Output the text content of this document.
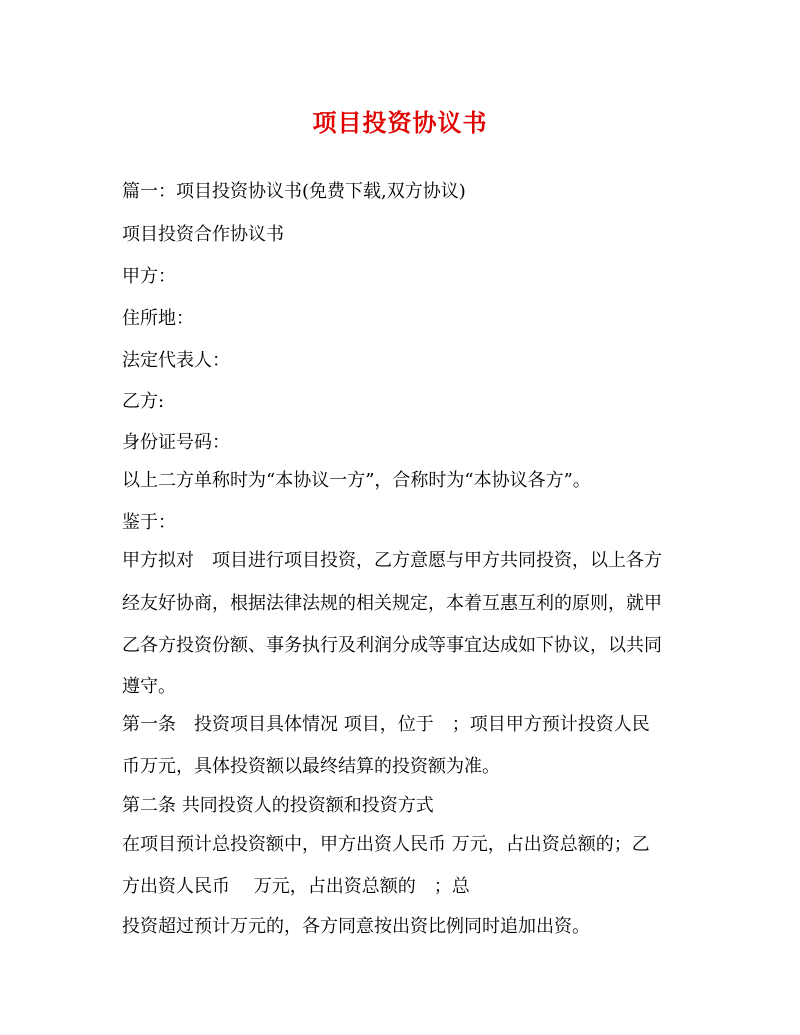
项目投资协议书
篇一：项目投资协议书(免费下载,双方协议)
项目投资合作协议书
甲方：
住所地：
法定代表人：
乙方:
身份证号码：
以上二方单称时为“本协议一方”，合称时为“本协议各方”。
鉴于：
甲方拟对　项目进行项目投资，乙方意愿与甲方共同投资，以上各方
经友好协商，根据法律法规的相关规定，本着互惠互利的原则，就甲
乙各方投资份额、事务执行及利润分成等事宜达成如下协议，以共同
遵守。
第一条　投资项目具体情况 项目，位于　；项目甲方预计投资人民
币万元，具体投资额以最终结算的投资额为准。
第二条 共同投资人的投资额和投资方式
在项目预计总投资额中，甲方出资人民币 万元，占出资总额的；乙
方出资人民币　 万元，占出资总额的　；总
投资超过预计万元的，各方同意按出资比例同时追加出资。
